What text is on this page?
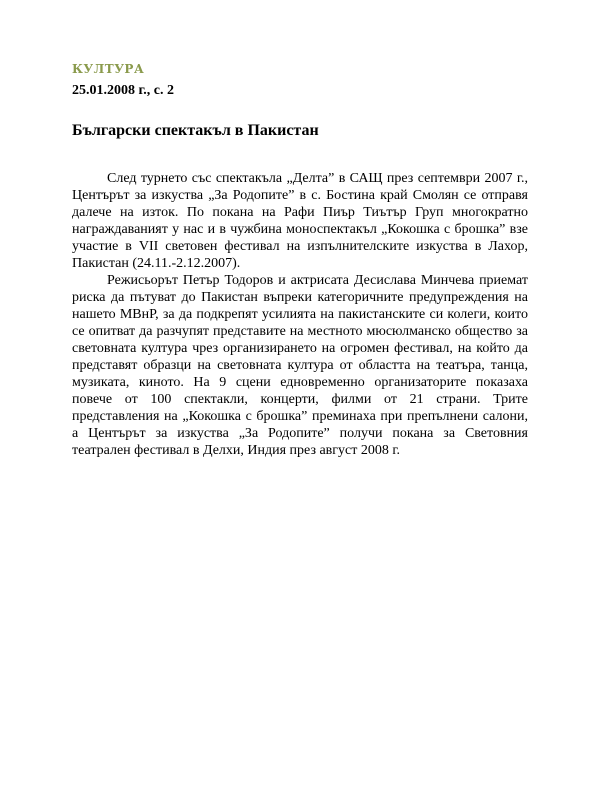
КУЛТУРА
25.01.2008 г., с. 2
Български спектакъл в Пакистан

След турнето със спектакъла „Делта” в САЩ през септември 2007 г., Центърът за изкуства „За Родопите” в с. Бостина край Смолян се отправя далече на изток. По покана на Рафи Пиър Тиътър Груп многократно награждаваният у нас и в чужбина моноспектакъл „Кокошка с брошка” взе участие в VII световен фестивал на изпълнителските изкуства в Лахор, Пакистан (24.11.-2.12.2007).

Режисьорът Петър Тодоров и актрисата Десислава Минчева приемат риска да пътуват до Пакистан въпреки категоричните предупреждения на нашето МВнР, за да подкрепят усилията на пакистанските си колеги, които се опитват да разчупят представите на местното мюсюлманско общество за световната култура чрез организирането на огромен фестивал, на който да представят образци на световната култура от областта на театъра, танца, музиката, киното. На 9 сцени едновременно организаторите показаха повече от 100 спектакли, концерти, филми от 21 страни. Трите представления на „Кокошка с брошка” преминаха при препълнени салони, а Центърът за изкуства „За Родопите” получи покана за Световния театрален фестивал в Делхи, Индия през август 2008 г.
